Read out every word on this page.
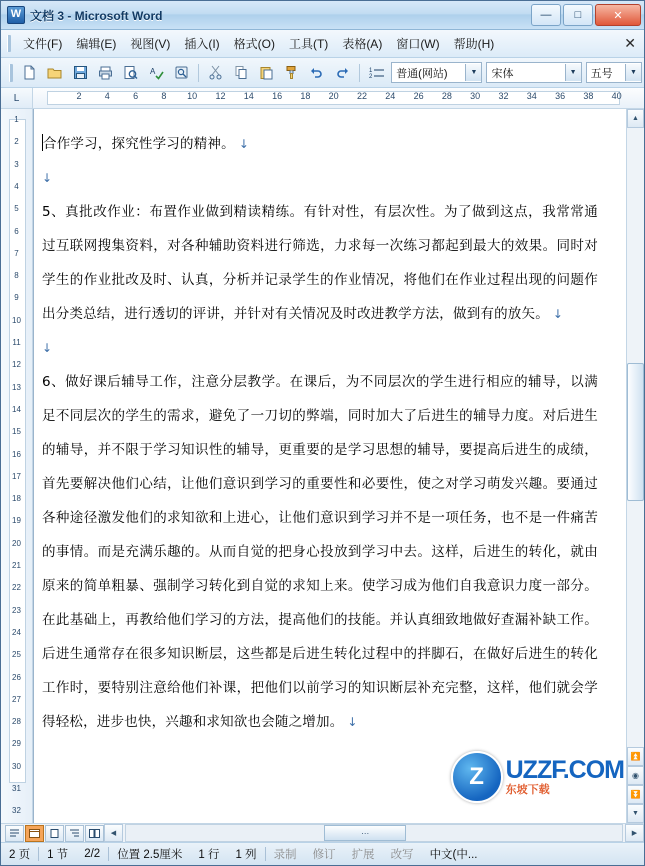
W 文档 3 - Microsoft Word	—	□	✕
文件(F)	编辑(E)	视图(V)	插入(I)	格式(O)	工具(T)	表格(A)	窗口(W)	帮助(H)	✕
A	1
2 普通(网站)	▼	宋体	▼	五号	▼
L	2	4	6	8 10 12 14 16 18 20 22 24 26 28 30 32 34 36 38 40
1
2
3
4
5
6
7
8
9
10
11
12
13
14
15
16
17
18
19
20
21
22
23
24
25
26
27
28
29
30
31
32

合作学习，探究性学习的精神。 ↓

↓

5、真批改作业：布置作业做到精读精练。有针对性，有层次性。为了做到这点，我常常通过互联网搜集资料，对各种辅助资料进行筛选，力求每一次练习都起到最大的效果。同时对学生的作业批改及时、认真，分析并记录学生的作业情况，将他们在作业过程出现的问题作出分类总结，进行透切的评讲，并针对有关情况及时改进教学方法，做到有的放矢。 ↓

↓

6、做好课后辅导工作，注意分层教学。在课后，为不同层次的学生进行相应的辅导，以满足不同层次的学生的需求，避免了一刀切的弊端，同时加大了后进生的辅导力度。对后进生的辅导，并不限于学习知识性的辅导，更重要的是学习思想的辅导，要提高后进生的成绩，首先要解决他们心结，让他们意识到学习的重要性和必要性，使之对学习萌发兴趣。要通过各种途径激发他们的求知欲和上进心，让他们意识到学习并不是一项任务，也不是一件痛苦的事情。而是充满乐趣的。从而自觉的把身心投放到学习中去。这样，后进生的转化，就由原来的简单粗暴、强制学习转化到自觉的求知上来。使学习成为他们自我意识力度一部分。在此基础上，再教给他们学习的方法，提高他们的技能。并认真细致地做好查漏补缺工作。后进生通常存在很多知识断层，这些都是后进生转化过程中的拌脚石，在做好后进生的转化工作时，要特别注意给他们补课，把他们以前学习的知识断层补充完整，这样，他们就会学得轻松，进步也快，兴趣和求知欲也会随之增加。 ↓

Z UZZF.COM
东坡下载
▲
⏫
◉
⏬
▼
◀	⋯	▶
2 页	1 节	2/2	位置 2.5厘米	1 行	1 列	录制	修订	扩展	改写	中文(中...
